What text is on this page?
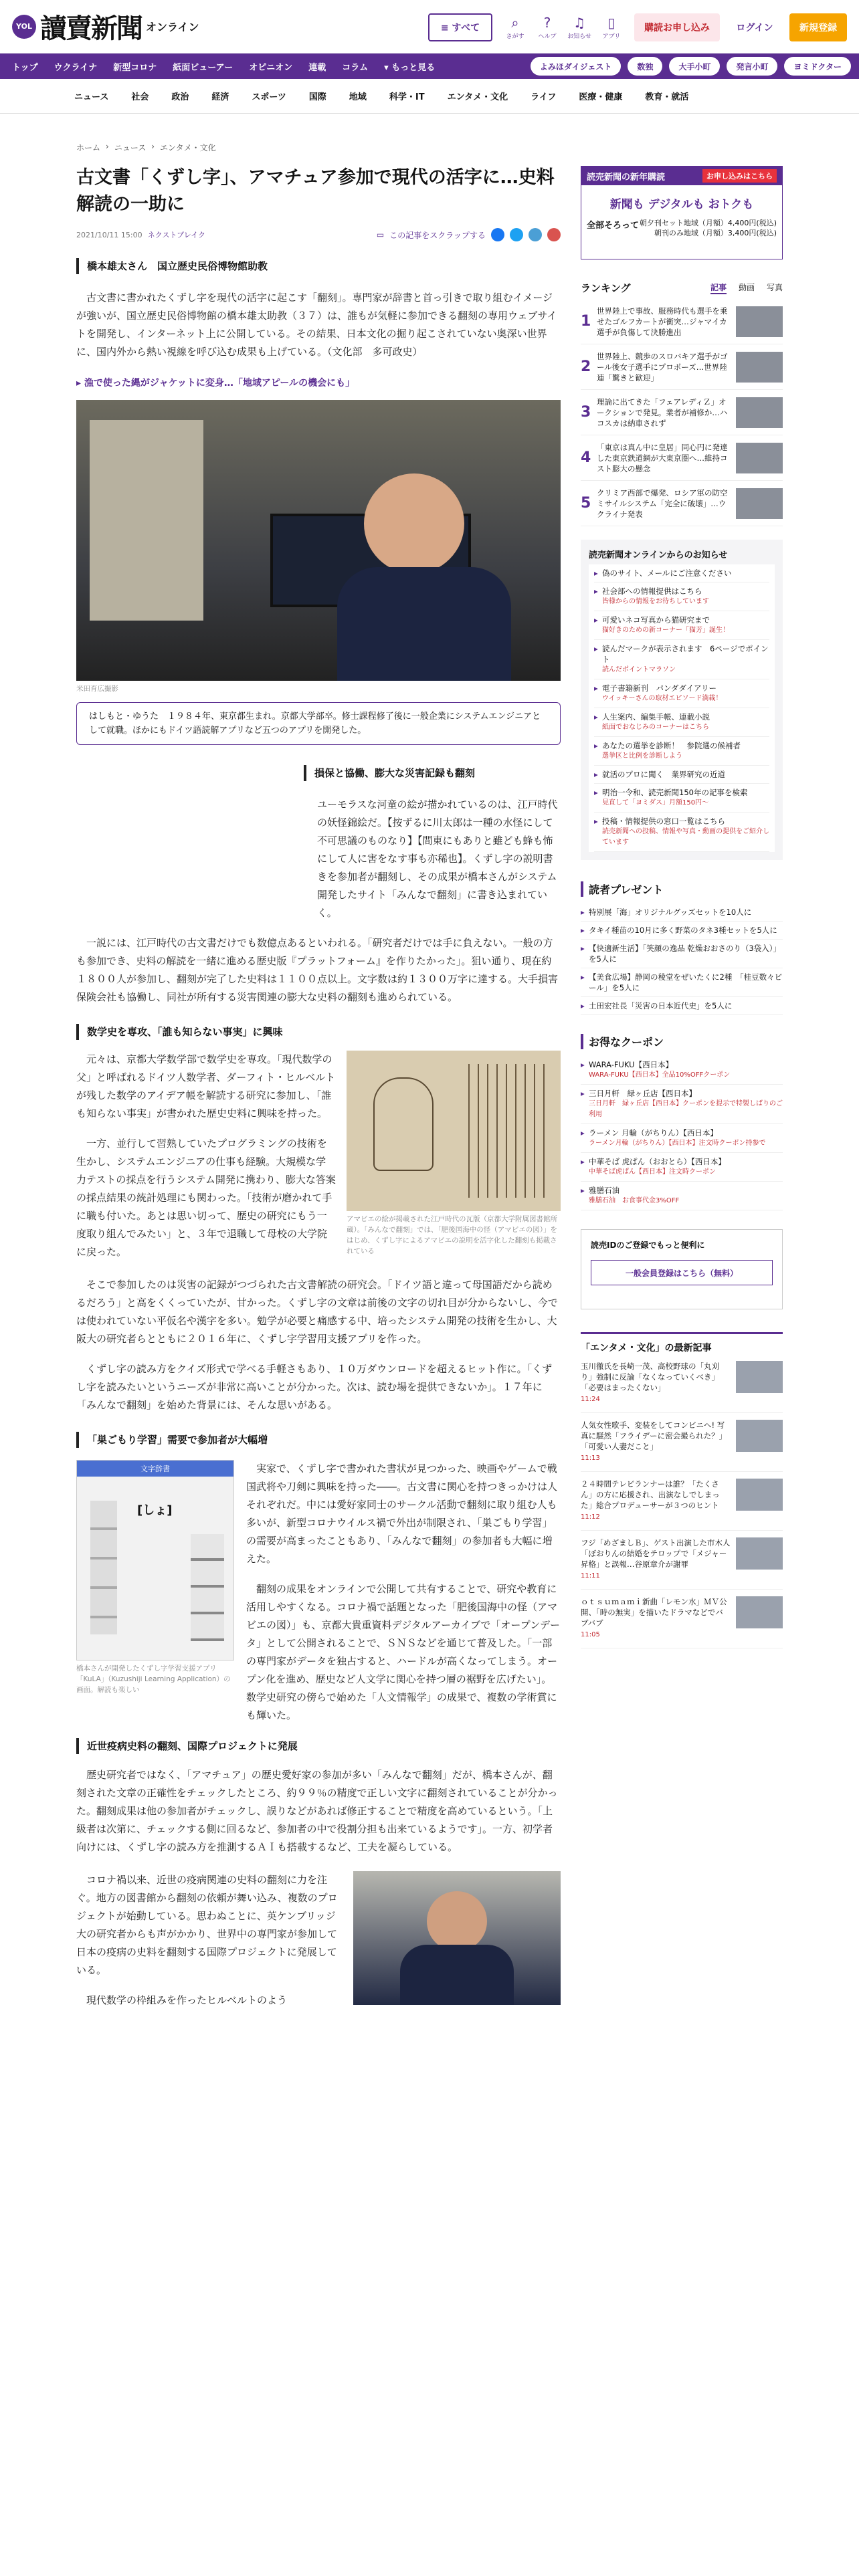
YOL 讀賣新聞 オンライン	≡ すべて	⌕
さがす
?
ヘルプ
♫
お知らせ
▯
アプリ
購読お申し込み	ログイン	新規登録
トップ	ウクライナ	新型コロナ	紙面ビューアー	オピニオン	連載	コラム	▾ もっと見る	よみほダイジェスト	数独	大手小町	発言小町	ヨミドクター
ニュース	社会	政治	経済	スポーツ	国際	地域	科学・IT	エンタメ・文化	ライフ	医療・健康	教育・就活
ホーム › ニュース › エンタメ・文化
古文書「くずし字」、アマチュア参加で現代の活字に…史料解読の一助に
2021/10/11 15:00 ネクストブレイク	▭ この記事をスクラップする
橋本雄太さん　国立歴史民俗博物館助教

古文書に書かれたくずし字を現代の活字に起こす「翻刻」。専門家が辞書と首っ引きで取り組むイメージが強いが、国立歴史民俗博物館の橋本雄太助教（３７）は、誰もが気軽に参加できる翻刻の専用ウェブサイトを開発し、インターネット上に公開している。その結果、日本文化の掘り起こされていない奥深い世界に、国内外から熱い視線を呼び込む成果も上げている。（文化部　多可政史）

▸ 漁で使った縄がジャケットに変身…「地域アピールの機会にも」
米田育広撮影
はしもと・ゆうた　１９８４年、東京都生まれ。京都大学部卒。修士課程修了後に一般企業にシステムエンジニアとして就職。ほかにもドイツ語読解アプリなど五つのアプリを開発した。
損保と協働、膨大な災害記録も翻刻

ユーモラスな河童の絵が描かれているのは、江戸時代の妖怪錦絵だ。【按ずるに川太郎は一種の水怪にして不可思議のものなり】【間東にもありと雖ども蜂も怖にして人に害をなす事も亦稀也】。くずし字の説明書きを参加者が翻刻し、その成果が橋本さんがシステム開発したサイト「みんなで翻刻」に書き込まれていく。

一説には、江戸時代の古文書だけでも数億点あるといわれる。「研究者だけでは手に負えない。一般の方も参加でき、史料の解読を一緒に進める歴史版『プラットフォーム』を作りたかった」。狙い通り、現在約１８００人が参加し、翻刻が完了した史料は１１００点以上。文字数は約１３００万字に達する。大手損害保険会社も協働し、同社が所有する災害関連の膨大な史料の翻刻も進められている。

数学史を専攻、「誰も知らない事実」に興味

元々は、京都大学数学部で数学史を専攻。「現代数学の父」と呼ばれるドイツ人数学者、ダーフィト・ヒルベルトが残した数学のアイデア帳を解読する研究に参加し、「誰も知らない事実」が書かれた歴史史料に興味を持った。

一方、並行して習熟していたプログラミングの技術を生かし、システムエンジニアの仕事も経験。大規模な学力テストの採点を行うシステム開発に携わり、膨大な答案の採点結果の統計処理にも関わった。「技術が磨かれて手に職も付いた。あとは思い切って、歴史の研究にもう一度取り組んでみたい」と、３年で退職して母校の大学院に戻った。

アマビエの絵が掲載された江戸時代の瓦版（京都大学附属図書館所蔵）。「みんなで翻刻」では、「肥後国海中の怪（アマビエの図）」をはじめ、くずし字によるアマビエの説明を活字化した翻刻も掲載されている

そこで参加したのは災害の記録がつづられた古文書解読の研究会。「ドイツ語と違って母国語だから読めるだろう」と高をくくっていたが、甘かった。くずし字の文章は前後の文字の切れ目が分からないし、今では使われていない平仮名や漢字を多い。勉学が必要と痛感する中、培ったシステム開発の技術を生かし、大阪大の研究者らとともに２０１６年に、くずし字学習用支援アプリを作った。

くずし字の読み方をクイズ形式で学べる手軽さもあり、１０万ダウンロードを超えるヒット作に。「くずし字を読みたいというニーズが非常に高いことが分かった。次は、読む場を提供できないか」。１７年に「みんなで翻刻」を始めた背景には、そんな思いがある。

「巣ごもり学習」需要で参加者が大幅増
文字辞書
[しょ]
橋本さんが開発したくずし字学習支援アプリ「KuLA」（Kuzushiji Learning Application）の画面。解読も楽しい

実家で、くずし字で書かれた書状が見つかった、映画やゲームで戦国武将や刀剣に興味を持った――。古文書に関心を持つきっかけは人それぞれだ。中には愛好家同士のサークル活動で翻刻に取り組む人も多いが、新型コロナウイルス禍で外出が制限され、「巣ごもり学習」の需要が高まったこともあり、「みんなで翻刻」の参加者も大幅に増えた。

翻刻の成果をオンラインで公開して共有することで、研究や教育に活用しやすくなる。コロナ禍で話題となった「肥後国海中の怪（アマビエの図）」も、京都大貴重資料デジタルアーカイブで「オープンデータ」として公開されることで、ＳＮＳなどを通じて普及した。「一部の専門家がデータを独占すると、ハードルが高くなってしまう。オープン化を進め、歴史など人文学に関心を持つ層の裾野を広げたい」。数学史研究の傍らで始めた「人文情報学」の成果で、複数の学術賞にも輝いた。

近世疫病史料の翻刻、国際プロジェクトに発展

歴史研究者ではなく、「アマチュア」の歴史愛好家の参加が多い「みんなで翻刻」だが、橋本さんが、翻刻された文章の正確性をチェックしたところ、約９９％の精度で正しい文字に翻刻されていることが分かった。翻刻成果は他の参加者がチェックし、誤りなどがあれば修正することで精度を高めているという。「上級者は次第に、チェックする側に回るなど、参加者の中で役割分担も出来ているようです」。一方、初学者向けには、くずし字の読み方を推測するＡＩも搭載するなど、工夫を凝らしている。

コロナ禍以来、近世の疫病関連の史料の翻刻に力を注ぐ。地方の図書館から翻刻の依頼が舞い込み、複数のプロジェクトが始動している。思わぬことに、英ケンブリッジ大の研究者からも声がかかり、世界中の専門家が参加して日本の疫病の史料を翻刻する国際プロジェクトに発展している。

現代数学の枠組みを作ったヒルベルトのよう

読売新聞の新年購読	お申し込みはこちら
新聞も デジタルも おトクも
全部そろって 朝夕刊セット地域（月額）4,400円(税込)
朝刊のみ地域（月額）3,400円(税込)
ランキング	記事 動画 写真
1
世界陸上で事故、服務時代も選手を乗せたゴルフカートが衝突…ジャマイカ選手が負傷して決勝進出
2
世界陸上、競歩のスロバキア選手がゴール後女子選手にプロポーズ…世界陸連「驚きと歓迎」
3
理論に出てきた「フェアレディＺ」オークションで発見。業者が補修か…ハコスカは納車されず
4
「東京は真ん中に皇居」同心円に発達した東京鉄道網が大東京圏へ…維持コスト膨大の懸念
5
クリミア西部で爆発、ロシア軍の防空ミサイルシステム「完全に破壊」…ウクライナ発表
読売新聞オンラインからのお知らせ
▸ 偽のサイト、メールにご注意ください
▸ 社会部への情報提供はこちら
皆様からの情報をお待ちしています
▸ 可愛いネコ写真から猫研究まで
猫好きのための新コーナー「猫芳」誕生！
▸ 読んだマークが表示されます　6ページでポイント
読んだポイントマラソン
▸ 電子書籍新刊　パンダダイアリー
ウイッキーさんの取材エピソード満載！
▸ 人生案内、編集手帳、連載小説
紙面でおなじみのコーナーはこちら
▸ あなたの選挙を診断！　参院選の候補者
選挙区と比例を診断しよう
▸ 就活のプロに聞く　業界研究の近道
▸ 明治一令和、読売新聞150年の記事を検索
見直して「ヨミダス」月額150円〜
▸ 投稿・情報提供の窓口一覧はこちら
読売新聞への投稿、情報や写真・動画の提供をご紹介しています
読者プレゼント
▸ 特別展「海」オリジナルグッズセットを10人に
▸ タキイ種苗の10月に多く野菜のタネ3種セットを5人に
▸ 【快適新生活】「笑顔の逸品 乾燥おおさのり（3袋入）」を5人に
▸ 【美食広場】静岡の稜堂をぜいたくに2種　「桂豆数々ビール」を5人に
▸ 土田宏社長「災害の日本近代史」を5人に
お得なクーポン
▸ WARA-FUKU【西日本】
WARA-FUKU【西日本】全品10%OFFクーポン
▸ 三日月軒　緑ヶ丘店【西日本】
三日月軒　緑ヶ丘店【西日本】クーポンを提示で特製しばりのご利用
▸ ラーメン 月輪（がちりん）【西日本】
ラーメン月輪（がちりん）【西日本】注文時クーポン持参で
▸ 中華そば 虎ぱん（おおとら）【西日本】
中華そば虎ぱん【西日本】注文時クーポン
▸ 雅膳石油
雅膳石油　お食事代金3%OFF
読売IDのご登録でもっと便利に
一般会員登録はこちら（無料）
「エンタメ・文化」の最新記事
玉川徹氏を長崎一茂、高校野球の「丸刈り」強制に反論「なくなっていくべき」「必要はまったくない」
11:24
人気女性歌手、変装をしてコンビニへ! 写真に騒然「フライデーに密会撮られた？」「可愛い人妻だこと」
11:13
２４時間テレビランナーは誰？「たくさん」の方に応援され、出演なしでしまった」総合プロデューサーが３つのヒント
11:12
フジ「めざましＢ」、ゲスト出演した市木人「ぼおりんの結婚をテロップで「メジャー昇格」と誤報…谷原章介が謝罪
11:11
ｏｔｓｕｍａｍｉ新曲「レモン水」ＭＶ公開、「時の無実」を描いたドラマなどでバブバブ
11:05
